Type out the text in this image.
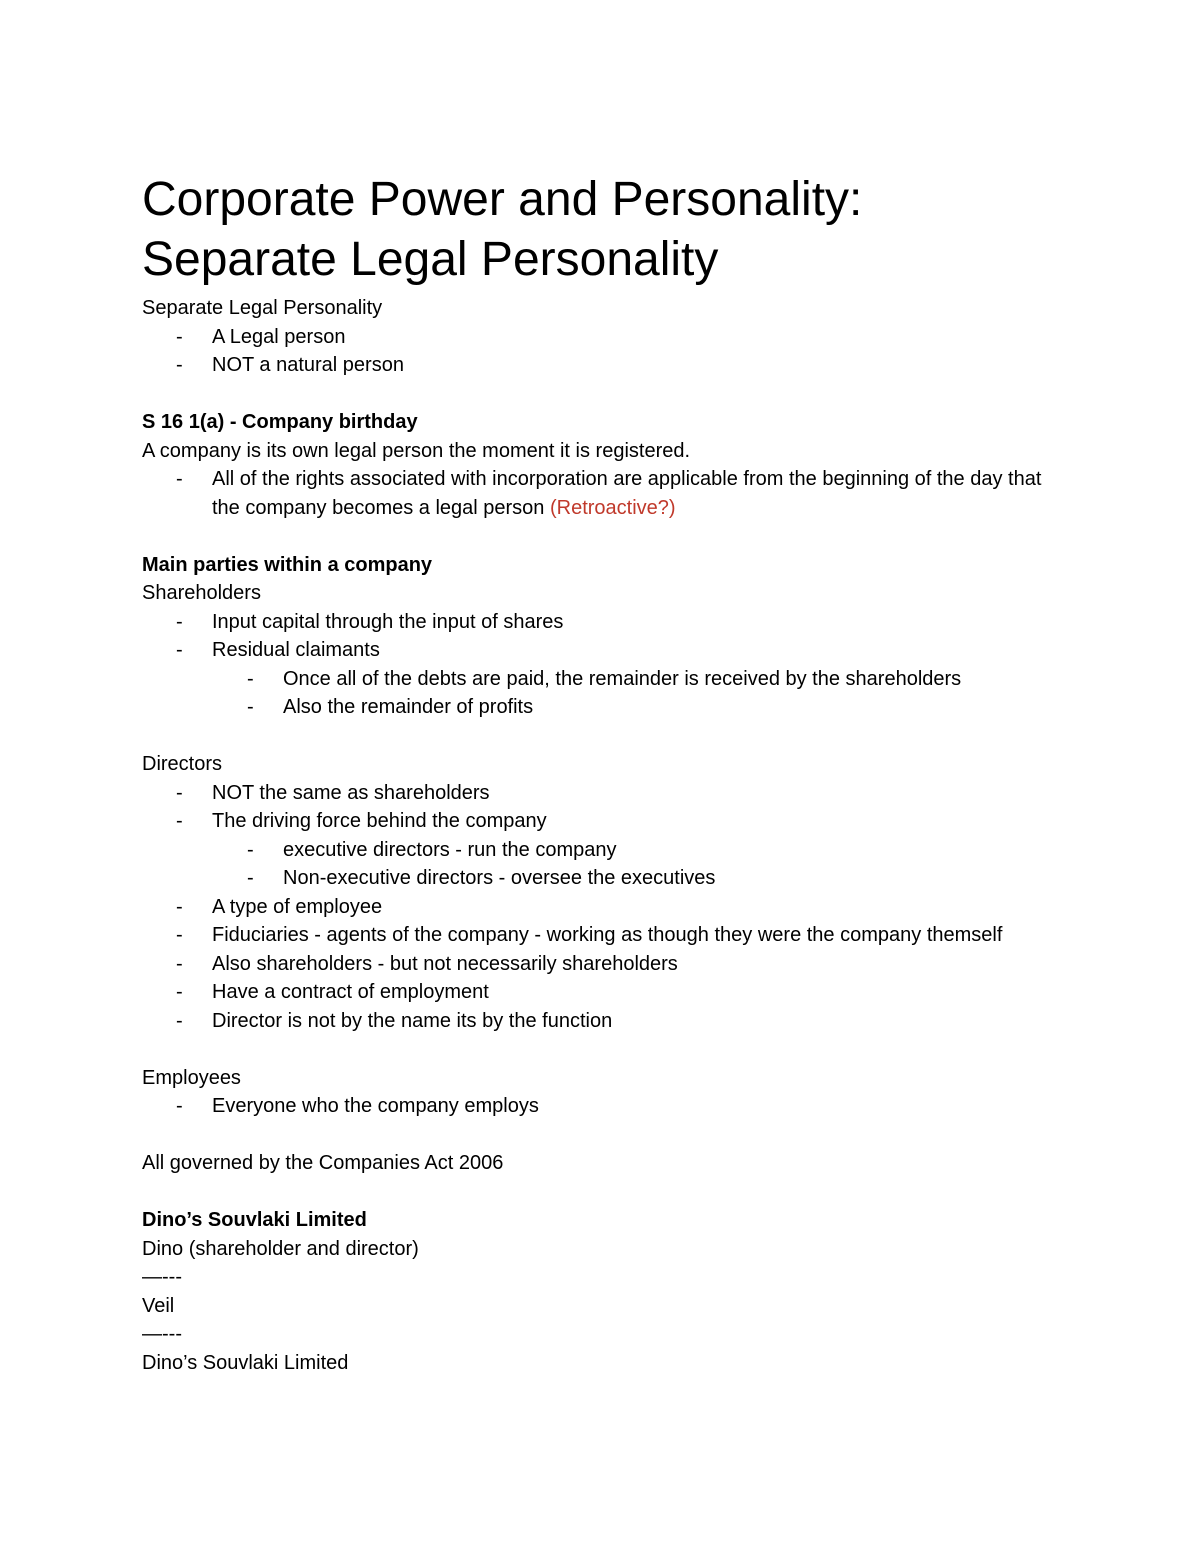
Corporate Power and Personality:
Separate Legal Personality

Separate Legal Personality

- A Legal person
- NOT a natural person

S 16 1(a) - Company birthday

A company is its own legal person the moment it is registered.

- All of the rights associated with incorporation are applicable from the beginning of the day that the company becomes a legal person (Retroactive?)

Main parties within a company

Shareholders

- Input capital through the input of shares
- Residual claimants
- Once all of the debts are paid, the remainder is received by the shareholders
- Also the remainder of profits

Directors

- NOT the same as shareholders
- The driving force behind the company
- executive directors - run the company
- Non-executive directors - oversee the executives
- A type of employee
- Fiduciaries - agents of the company - working as though they were the company themself
- Also shareholders - but not necessarily shareholders
- Have a contract of employment
- Director is not by the name its by the function

Employees

- Everyone who the company employs

All governed by the Companies Act 2006

Dino’s Souvlaki Limited

Dino (shareholder and director)

—---

Veil

—---

Dino’s Souvlaki Limited
